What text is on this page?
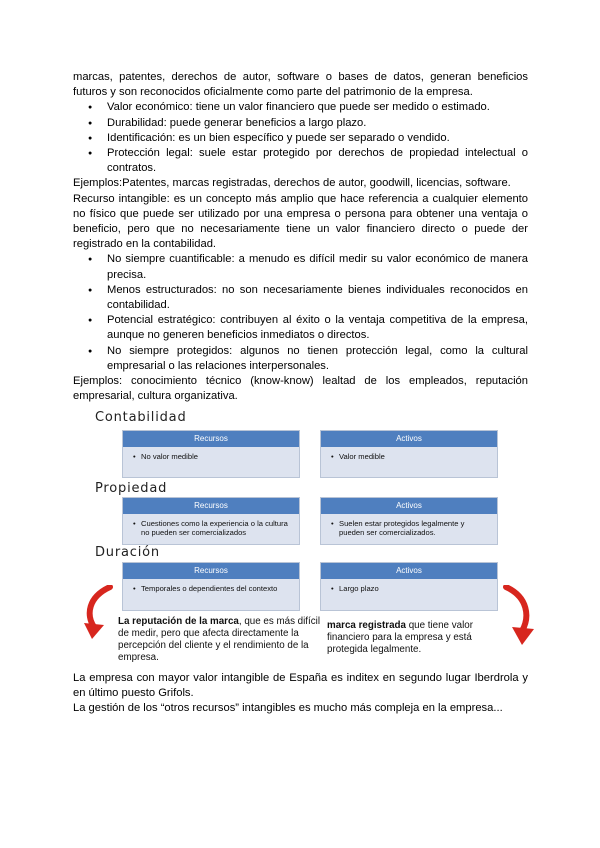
marcas, patentes, derechos de autor, software o bases de datos, generan beneficios futuros y son reconocidos oficialmente como parte del patrimonio de la empresa.

● Valor económico: tiene un valor financiero que puede ser medido o estimado.
● Durabilidad: puede generar beneficios a largo plazo.
● Identificación: es un bien específico y puede ser separado o vendido.
● Protección legal: suele estar protegido por derechos de propiedad intelectual o contratos.

Ejemplos:Patentes, marcas registradas, derechos de autor, goodwill, licencias, software.

Recurso intangible: es un concepto más amplio que hace referencia a cualquier elemento no físico que puede ser utilizado por una empresa o persona para obtener una ventaja o beneficio, pero que no necesariamente tiene un valor financiero directo o puede der registrado en la contabilidad.

● No siempre cuantificable: a menudo es difícil medir su valor económico de manera precisa.
● Menos estructurados: no son necesariamente bienes individuales reconocidos en contabilidad.
● Potencial estratégico: contribuyen al éxito o la ventaja competitiva de la empresa, aunque no generen beneficios inmediatos o directos.
● No siempre protegidos: algunos no tienen protección legal, como la cultural empresarial o las relaciones interpersonales.

Ejemplos: conocimiento técnico (know-know) lealtad de los empleados, reputación empresarial, cultura organizativa.

Contabilidad
Recursos
• No valor medible
Activos
• Valor medible
Propiedad
Recursos
• Cuestiones como la experiencia o la cultura no pueden ser comercializados
Activos
• Suelen estar protegidos legalmente y pueden ser comercializados.
Duración
Recursos
• Temporales o dependientes del contexto
Activos
• Largo plazo
La reputación de la marca, que es más difícil de medir, pero que afecta directamente la percepción del cliente y el rendimiento de la empresa.
marca registrada que tiene valor financiero para la empresa y está protegida legalmente.

La empresa con mayor valor intangible de España es inditex en segundo lugar Iberdrola y en último puesto Grifols.

La gestión de los “otros recursos” intangibles es mucho más compleja en la empresa...
